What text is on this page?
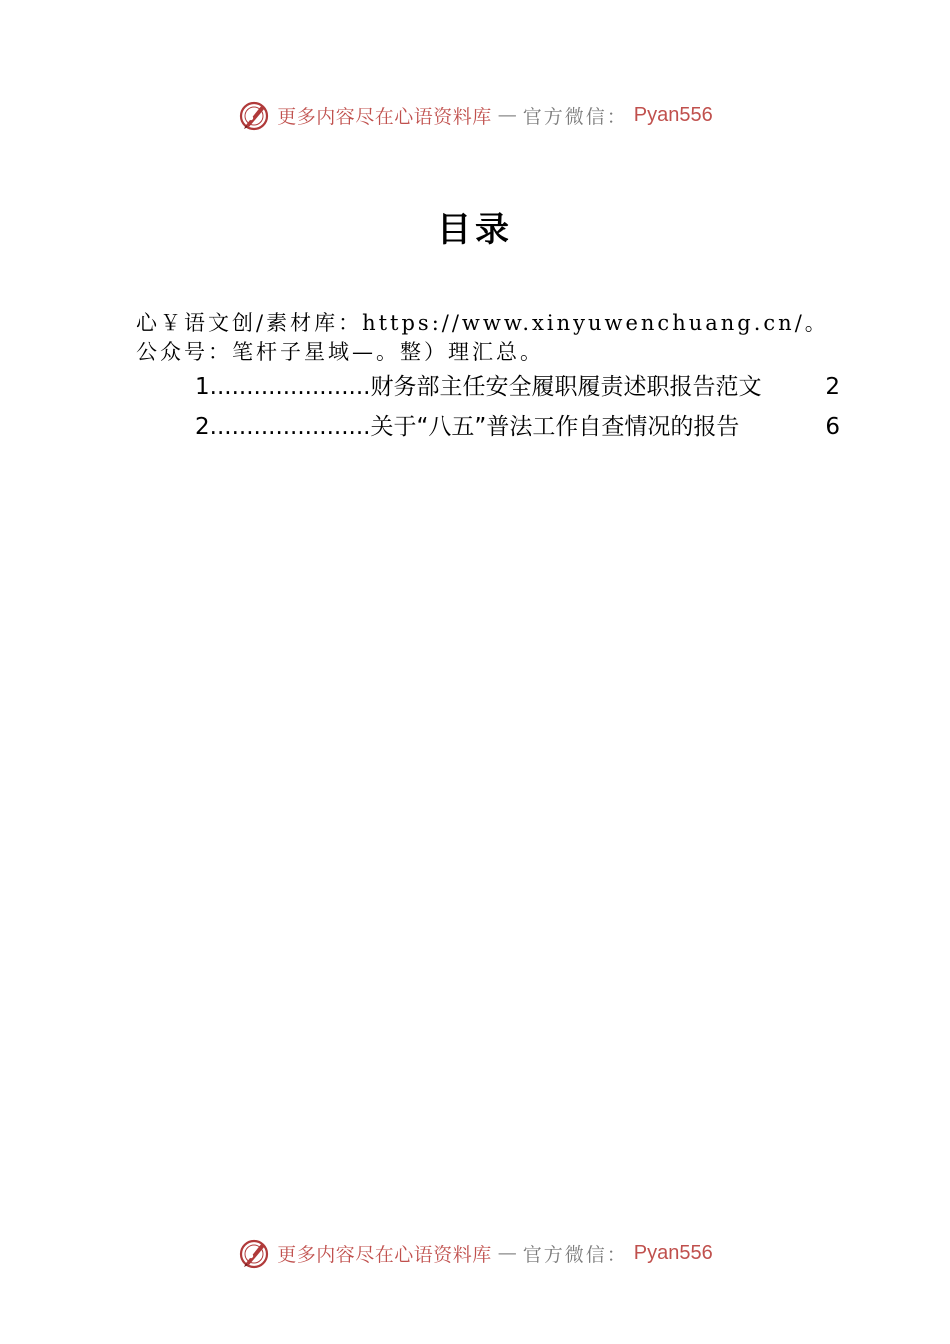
更多内容尽在心语资料库 — 官方微信： Pyan556
目录

心￥语文创/素材库：https://www.xinyuwenchuang.cn/。公众号：笔杆子星域—。整）理汇总。

1 ...................... 财务部主任安全履职履责述职报告范文	2
2 ...................... 关于“八五”普法工作自查情况的报告	6
更多内容尽在心语资料库 — 官方微信： Pyan556
